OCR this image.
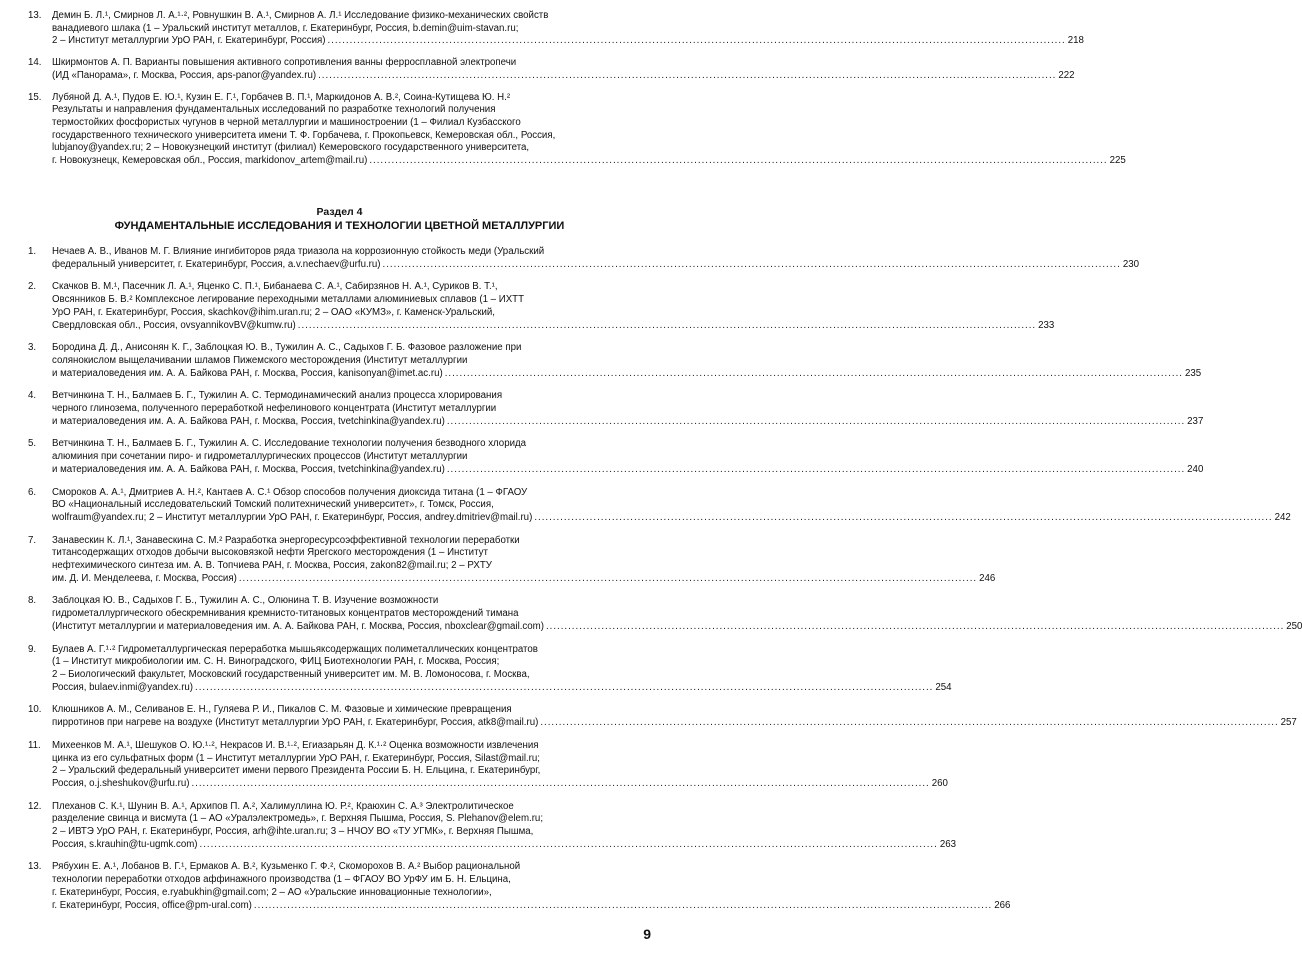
13.	Демин Б. Л.¹, Смирнов Л. А.¹·², Ровнушкин В. А.¹, Смирнов А. Л.¹ Исследование физико-механических свойств
ванадиевого шлака (1 – Уральский институт металлов, г. Екатеринбург, Россия, b.demin@uim-stavan.ru;
2 – Институт металлургии УрО РАН, г. Екатеринбург, Россия) ........................................................................................................................................................................................................ 218
14.	Шкирмонтов А. П. Варианты повышения активного сопротивления ванны ферросплавной электропечи
(ИД «Панорама», г. Москва, Россия, aps-panor@yandex.ru) ........................................................................................................................................................................................................ 222
15.	Лубяной Д. А.¹, Пудов Е. Ю.¹, Кузин Е. Г.¹, Горбачев В. П.¹, Маркидонов А. В.², Соина-Кутищева Ю. Н.²
Результаты и направления фундаментальных исследований по разработке технологий получения
термостойких фосфористых чугунов в черной металлургии и машиностроении (1 – Филиал Кузбасского
государственного технического университета имени Т. Ф. Горбачева, г. Прокопьевск, Кемеровская обл., Россия,
lubjanoy@yandex.ru; 2 – Новокузнецкий институт (филиал) Кемеровского государственного университета,
г. Новокузнецк, Кемеровская обл., Россия, markidonov_artem@mail.ru) ........................................................................................................................................................................................................ 225
Раздел 4
ФУНДАМЕНТАЛЬНЫЕ ИССЛЕДОВАНИЯ И ТЕХНОЛОГИИ ЦВЕТНОЙ МЕТАЛЛУРГИИ
1.	Нечаев А. В., Иванов М. Г. Влияние ингибиторов ряда триазола на коррозионную стойкость меди (Уральский
федеральный университет, г. Екатеринбург, Россия, a.v.nechaev@urfu.ru) ........................................................................................................................................................................................................ 230
2.	Скачков В. М.¹, Пасечник Л. А.¹, Яценко С. П.¹, Бибанаева С. А.¹, Сабирзянов Н. А.¹, Суриков В. Т.¹,
Овсянников Б. В.² Комплексное легирование переходными металлами алюминиевых сплавов (1 – ИХТТ
УрО РАН, г. Екатеринбург, Россия, skachkov@ihim.uran.ru; 2 – ОАО «КУМЗ», г. Каменск-Уральский,
Свердловская обл., Россия, ovsyannikovBV@kumw.ru) ........................................................................................................................................................................................................ 233
3.	Бородина Д. Д., Анисонян К. Г., Заблоцкая Ю. В., Тужилин А. С., Садыхов Г. Б. Фазовое разложение при
солянокислом выщелачивании шламов Пижемского месторождения (Институт металлургии
и материаловедения им. А. А. Байкова РАН, г. Москва, Россия, kanisonyan@imet.ac.ru) ........................................................................................................................................................................................................ 235
4.	Ветчинкина Т. Н., Балмаев Б. Г., Тужилин А. С. Термодинамический анализ процесса хлорирования
черного глинозема, полученного переработкой нефелинового концентрата (Институт металлургии
и материаловедения им. А. А. Байкова РАН, г. Москва, Россия, tvetchinkina@yandex.ru) ........................................................................................................................................................................................................ 237
5.	Ветчинкина Т. Н., Балмаев Б. Г., Тужилин А. С. Исследование технологии получения безводного хлорида
алюминия при сочетании пиро- и гидрометаллургических процессов (Институт металлургии
и материаловедения им. А. А. Байкова РАН, г. Москва, Россия, tvetchinkina@yandex.ru) ........................................................................................................................................................................................................ 240
6.	Смороков А. А.¹, Дмитриев А. Н.², Кантаев А. С.¹ Обзор способов получения диоксида титана (1 – ФГАОУ
ВО «Национальный исследовательский Томский политехнический университет», г. Томск, Россия,
wolfraum@yandex.ru; 2 – Институт металлургии УрО РАН, г. Екатеринбург, Россия, andrey.dmitriev@mail.ru) ........................................................................................................................................................................................................ 242
7.	Занавескин К. Л.¹, Занавескина С. М.² Разработка энергоресурсоэффективной технологии переработки
титансодержащих отходов добычи высоковязкой нефти Ярегского месторождения (1 – Институт
нефтехимического синтеза им. А. В. Топчиева РАН, г. Москва, Россия, zakon82@mail.ru; 2 – РХТУ
им. Д. И. Менделеева, г. Москва, Россия) ........................................................................................................................................................................................................ 246
8.	Заблоцкая Ю. В., Садыхов Г. Б., Тужилин А. С., Олюнина Т. В. Изучение возможности
гидрометаллургического обескремнивания кремнисто-титановых концентратов месторождений тимана
(Институт металлургии и материаловедения им. А. А. Байкова РАН, г. Москва, Россия, nboxclear@gmail.com) ........................................................................................................................................................................................................ 250
9.	Булаев А. Г.¹·² Гидрометаллургическая переработка мышьяксодержащих полиметаллических концентратов
(1 – Институт микробиологии им. С. Н. Виноградского, ФИЦ Биотехнологии РАН, г. Москва, Россия;
2 – Биологический факультет, Московский государственный университет им. М. В. Ломоносова, г. Москва,
Россия, bulaev.inmi@yandex.ru) ........................................................................................................................................................................................................ 254
10.	Клюшников А. М., Селиванов Е. Н., Гуляева Р. И., Пикалов С. М. Фазовые и химические превращения
пирротинов при нагреве на воздухе (Институт металлургии УрО РАН, г. Екатеринбург, Россия, atk8@mail.ru) ........................................................................................................................................................................................................ 257
11.	Михеенков М. А.¹, Шешуков О. Ю.¹·², Некрасов И. В.¹·², Егиазарьян Д. К.¹·² Оценка возможности извлечения
цинка из его сульфатных форм (1 – Институт металлургии УрО РАН, г. Екатеринбург, Россия, Silast@mail.ru;
2 – Уральский федеральный университет имени первого Президента России Б. Н. Ельцина, г. Екатеринбург,
Россия, o.j.sheshukov@urfu.ru) ........................................................................................................................................................................................................ 260
12.	Плеханов С. К.¹, Шунин В. А.¹, Архипов П. А.², Халимуллина Ю. Р.², Краюхин С. А.³ Электролитическое
разделение свинца и висмута (1 – АО «Уралэлектромедь», г. Верхняя Пышма, Россия, S. Plehanov@elem.ru;
2 – ИВТЭ УрО РАН, г. Екатеринбург, Россия, arh@ihte.uran.ru; 3 – НЧОУ ВО «ТУ УГМК», г. Верхняя Пышма,
Россия, s.krauhin@tu-ugmk.com) ........................................................................................................................................................................................................ 263
13.	Рябухин Е. А.¹, Лобанов В. Г.¹, Ермаков А. В.², Кузьменко Г. Ф.², Скоморохов В. А.² Выбор рациональной
технологии переработки отходов аффинажного производства (1 – ФГАОУ ВО УрФУ им Б. Н. Ельцина,
г. Екатеринбург, Россия, e.ryabukhin@gmail.com; 2 – АО «Уральские инновационные технологии»,
г. Екатеринбург, Россия, office@pm-ural.com) ........................................................................................................................................................................................................ 266
9
